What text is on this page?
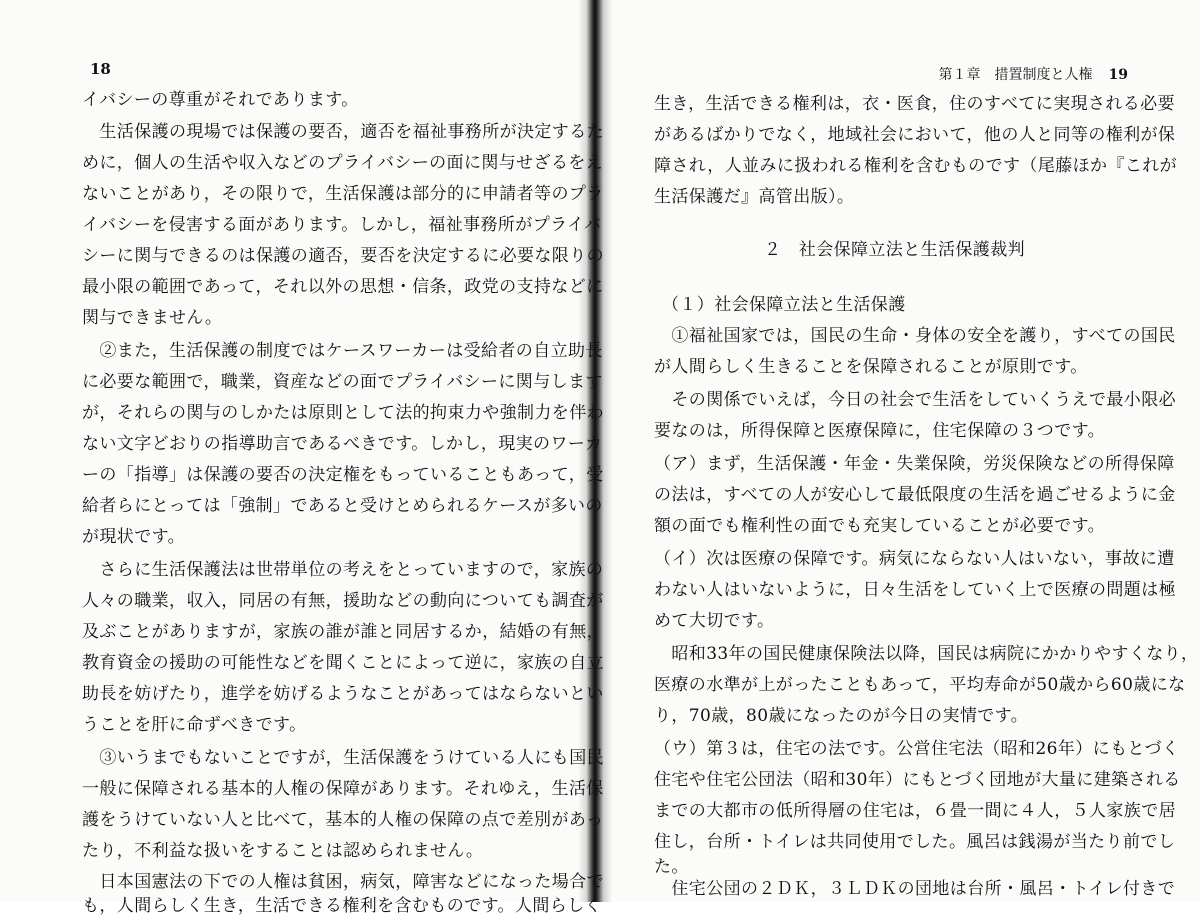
18
イバシーの尊重がそれであります。
　生活保護の現場では保護の要否，適否を福祉事務所が決定するた
めに，個人の生活や収入などのプライバシーの面に関与せざるをえ
ないことがあり，その限りで，生活保護は部分的に申請者等のプラ
イバシーを侵害する面があります。しかし，福祉事務所がプライバ
シーに関与できるのは保護の適否，要否を決定するに必要な限りの
最小限の範囲であって，それ以外の思想・信条，政党の支持などに
関与できません。
　②また，生活保護の制度ではケースワーカーは受給者の自立助長
に必要な範囲で，職業，資産などの面でプライバシーに関与します
が，それらの関与のしかたは原則として法的拘束力や強制力を伴わ
ない文字どおりの指導助言であるべきです。しかし，現実のワーカ
ーの「指導」は保護の要否の決定権をもっていることもあって，受
給者らにとっては「強制」であると受けとめられるケースが多いの
が現状です。
　さらに生活保護法は世帯単位の考えをとっていますので，家族の
人々の職業，収入，同居の有無，援助などの動向についても調査が
及ぶことがありますが，家族の誰が誰と同居するか，結婚の有無，
教育資金の援助の可能性などを聞くことによって逆に，家族の自立
助長を妨げたり，進学を妨げるようなことがあってはならないとい
うことを肝に命ずべきです。
　③いうまでもないことですが，生活保護をうけている人にも国民
一般に保障される基本的人権の保障があります。それゆえ，生活保
護をうけていない人と比べて，基本的人権の保障の点で差別があっ
たり，不利益な扱いをすることは認められません。
　日本国憲法の下での人権は貧困，病気，障害などになった場合で
も，人間らしく生き，生活できる権利を含むものです。人間らしく
第１章　措置制度と人権 19
生き，生活できる権利は，衣・医食，住のすべてに実現される必要
があるばかりでなく，地域社会において，他の人と同等の権利が保
障され，人並みに扱われる権利を含むものです（尾藤ほか『これが
生活保護だ』高管出版）。
２　社会保障立法と生活保護裁判
（１）社会保障立法と生活保護
　①福祉国家では，国民の生命・身体の安全を護り，すべての国民
が人間らしく生きることを保障されることが原則です。
　その関係でいえば，今日の社会で生活をしていくうえで最小限必
要なのは，所得保障と医療保障に，住宅保障の３つです。
（ア）まず，生活保護・年金・失業保険，労災保険などの所得保障
の法は，すべての人が安心して最低限度の生活を過ごせるように金
額の面でも権利性の面でも充実していることが必要です。
（イ）次は医療の保障です。病気にならない人はいない，事故に遭
わない人はいないように，日々生活をしていく上で医療の問題は極
めて大切です。
　昭和33年の国民健康保険法以降，国民は病院にかかりやすくなり，
医療の水準が上がったこともあって，平均寿命が50歳から60歳にな
り，70歳，80歳になったのが今日の実情です。
（ウ）第３は，住宅の法です。公営住宅法（昭和26年）にもとづく
住宅や住宅公団法（昭和30年）にもとづく団地が大量に建築される
までの大都市の低所得層の住宅は，６畳一間に４人，５人家族で居
住し，台所・トイレは共同使用でした。風呂は銭湯が当たり前でし
た。
　住宅公団の２ＤＫ，３ＬＤＫの団地は台所・風呂・トイレ付きで
